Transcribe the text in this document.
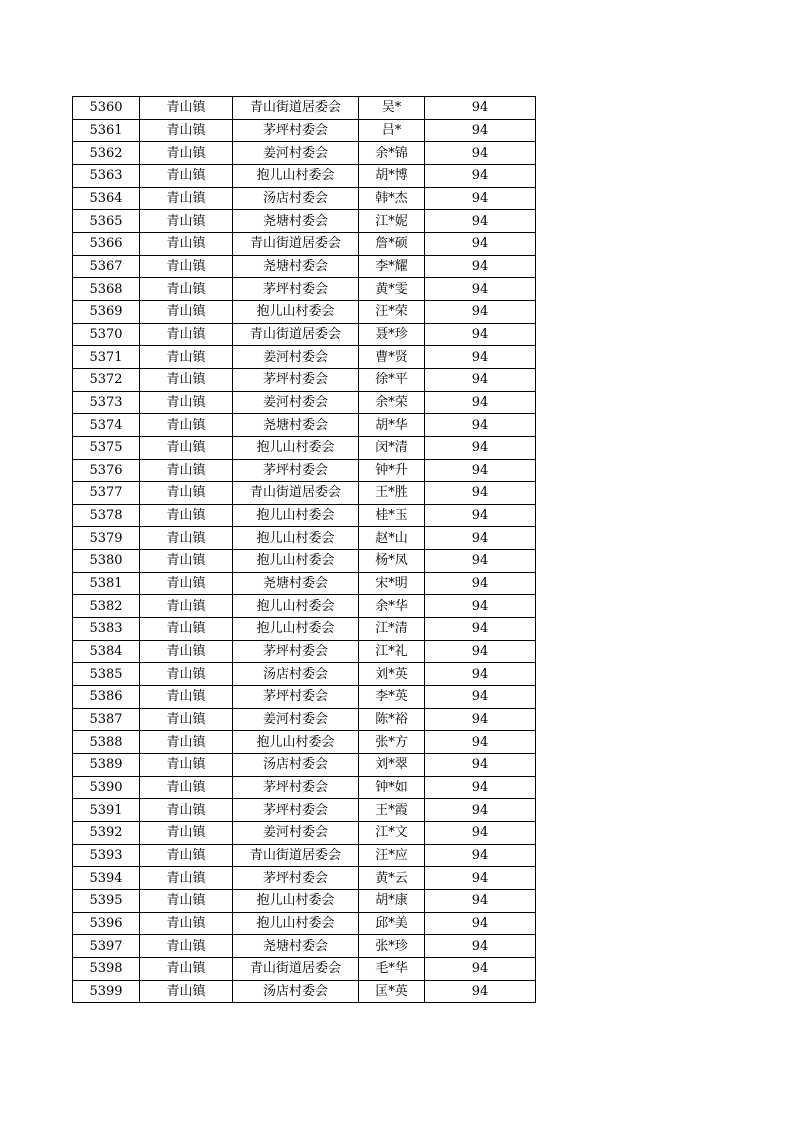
5360	青山镇	青山街道居委会	吴*	94
5361	青山镇	茅坪村委会	吕*	94
5362	青山镇	姜河村委会	余*锦	94
5363	青山镇	抱儿山村委会	胡*博	94
5364	青山镇	汤店村委会	韩*杰	94
5365	青山镇	尧塘村委会	江*妮	94
5366	青山镇	青山街道居委会	詹*硕	94
5367	青山镇	尧塘村委会	李*耀	94
5368	青山镇	茅坪村委会	黄*雯	94
5369	青山镇	抱儿山村委会	汪*荣	94
5370	青山镇	青山街道居委会	聂*珍	94
5371	青山镇	姜河村委会	曹*贤	94
5372	青山镇	茅坪村委会	徐*平	94
5373	青山镇	姜河村委会	余*荣	94
5374	青山镇	尧塘村委会	胡*华	94
5375	青山镇	抱儿山村委会	闵*清	94
5376	青山镇	茅坪村委会	钟*升	94
5377	青山镇	青山街道居委会	王*胜	94
5378	青山镇	抱儿山村委会	桂*玉	94
5379	青山镇	抱儿山村委会	赵*山	94
5380	青山镇	抱儿山村委会	杨*凤	94
5381	青山镇	尧塘村委会	宋*明	94
5382	青山镇	抱儿山村委会	余*华	94
5383	青山镇	抱儿山村委会	江*清	94
5384	青山镇	茅坪村委会	江*礼	94
5385	青山镇	汤店村委会	刘*英	94
5386	青山镇	茅坪村委会	李*英	94
5387	青山镇	姜河村委会	陈*裕	94
5388	青山镇	抱儿山村委会	张*方	94
5389	青山镇	汤店村委会	刘*翠	94
5390	青山镇	茅坪村委会	钟*如	94
5391	青山镇	茅坪村委会	王*霞	94
5392	青山镇	姜河村委会	江*文	94
5393	青山镇	青山街道居委会	汪*应	94
5394	青山镇	茅坪村委会	黄*云	94
5395	青山镇	抱儿山村委会	胡*康	94
5396	青山镇	抱儿山村委会	邱*美	94
5397	青山镇	尧塘村委会	张*珍	94
5398	青山镇	青山街道居委会	毛*华	94
5399	青山镇	汤店村委会	匡*英	94
